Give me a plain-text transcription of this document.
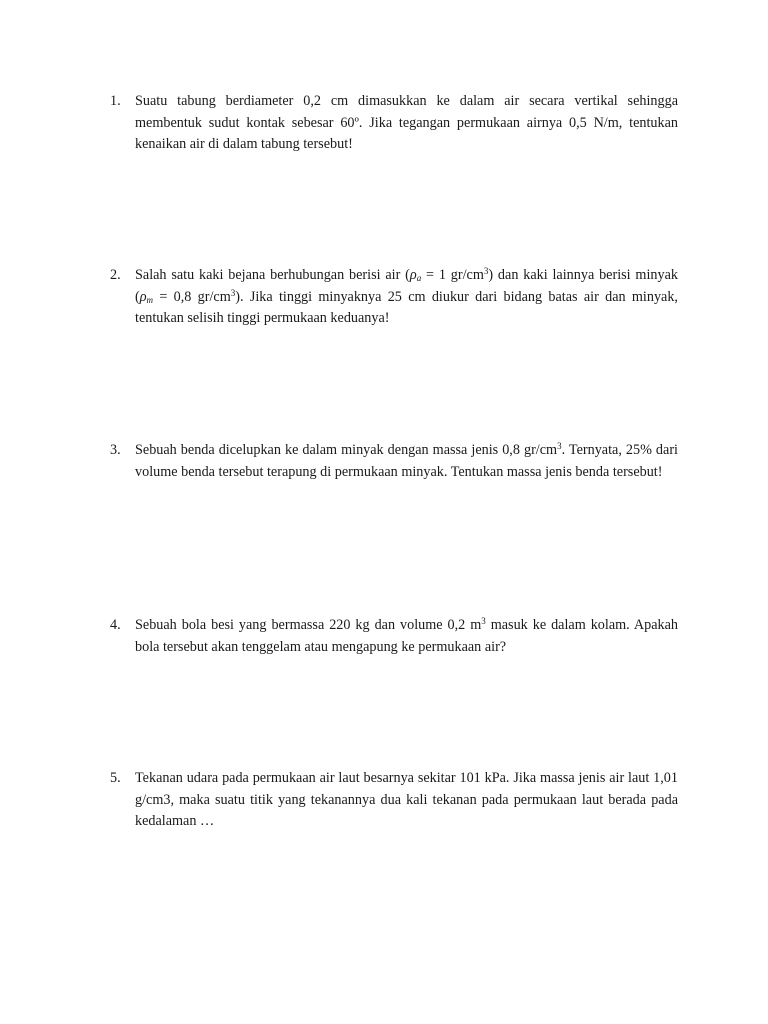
1. Suatu tabung berdiameter 0,2 cm dimasukkan ke dalam air secara vertikal sehingga membentuk sudut kontak sebesar 60º. Jika tegangan permukaan airnya 0,5 N/m, tentukan kenaikan air di dalam tabung tersebut!
2. Salah satu kaki bejana berhubungan berisi air ($\rho_a = 1$ $gr/cm^3$) dan kaki lainnya berisi minyak ($\rho_m = 0,8$ $gr/cm^3$). Jika tinggi minyaknya 25 cm diukur dari bidang batas air dan minyak, tentukan selisih tinggi permukaan keduanya!
3. Sebuah benda dicelupkan ke dalam minyak dengan massa jenis 0,8 $gr/cm^3$. Ternyata, 25% dari volume benda tersebut terapung di permukaan minyak. Tentukan massa jenis benda tersebut!
4. Sebuah bola besi yang bermassa 220 kg dan volume 0,2 $m^3$ masuk ke dalam kolam. Apakah bola tersebut akan tenggelam atau mengapung ke permukaan air?
5. Tekanan udara pada permukaan air laut besarnya sekitar 101 kPa. Jika massa jenis air laut 1,01 g/cm3, maka suatu titik yang tekanannya dua kali tekanan pada permukaan laut berada pada kedalaman …
